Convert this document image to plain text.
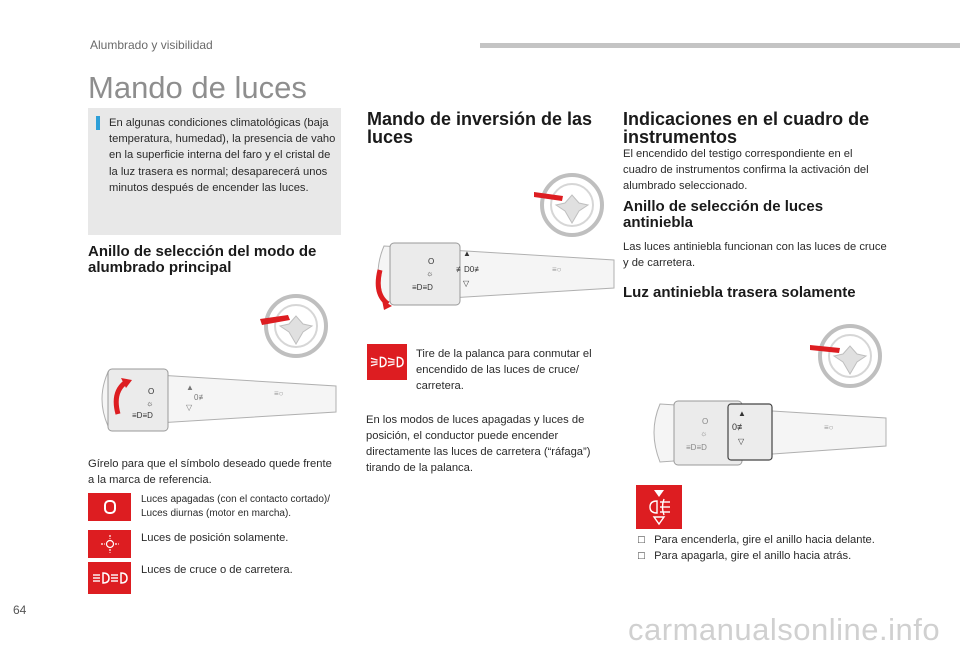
Alumbrado y visibilidad
Mando de luces
En algunas condiciones climatológicas (baja temperatura, humedad), la presencia de vaho en la superficie interna del faro y el cristal de la luz trasera es normal; desaparecerá unos minutos después de encender las luces.
Anillo de selección del modo de alumbrado principal
O
☼
≡D≡D
▲
▽
0≢	≡○
Gírelo para que el símbolo deseado quede frente a la marca de referencia.
Luces apagadas (con el contacto cortado)/ Luces diurnas (motor en marcha).
Luces de posición solamente.
Luces de cruce o de carretera.
Mando de inversión de las luces
O
☼
≡D≡D
▲
≢D0≢
▽
≡○
Tire de la palanca para conmutar el encendido de las luces de cruce/ carretera.
En los modos de luces apagadas y luces de posición, el conductor puede encender directamente las luces de carretera (“ráfaga”) tirando de la palanca.
Indicaciones en el cuadro de instrumentos
El encendido del testigo correspondiente en el cuadro de instrumentos confirma la activación del alumbrado seleccionado.
Anillo de selección de luces antiniebla
Las luces antiniebla funcionan con las luces de cruce y de carretera.
Luz antiniebla trasera solamente
O
☼
≡D≡D
▲
0≢
▽
≡○
□   Para encenderla, gire el anillo hacia delante.
□   Para apagarla, gire el anillo hacia atrás.
64
carmanualsonline.info
